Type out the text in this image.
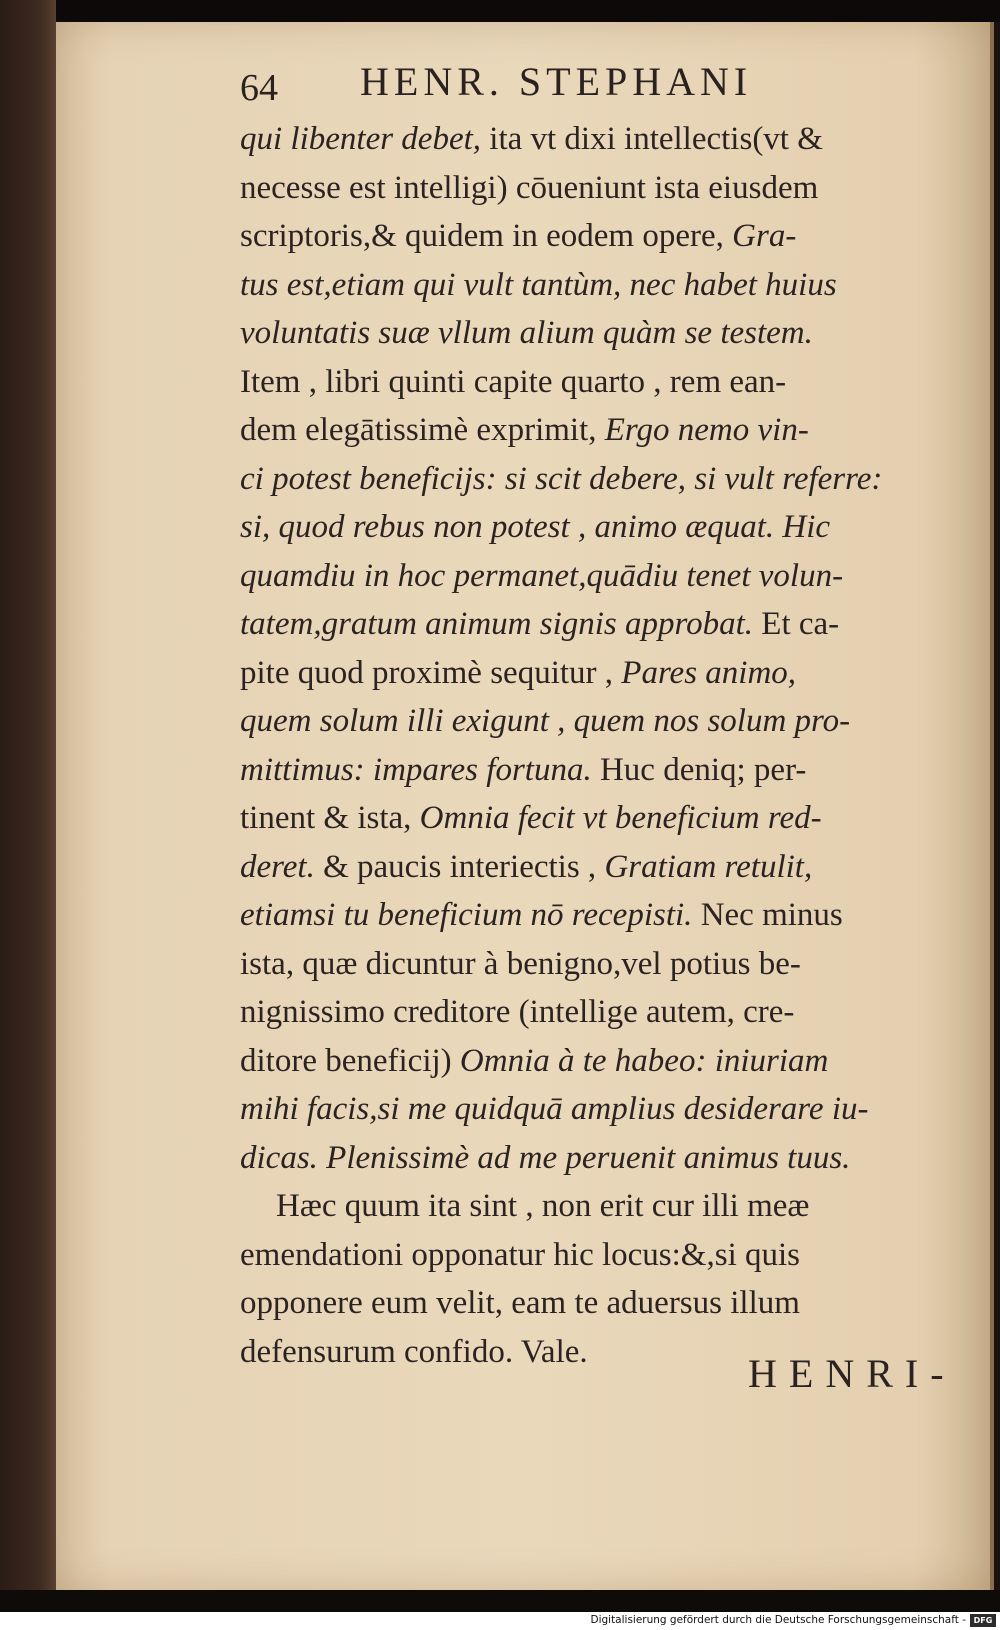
64 HENR. STEPHANI
qui libenter debet, ita vt dixi intellectis(vt &
necesse est intelligi) cōueniunt ista eiusdem
scriptoris,& quidem in eodem opere, Gra-
tus est,etiam qui vult tantùm, nec habet huius
voluntatis suæ vllum alium quàm se testem.
Item , libri quinti capite quarto , rem ean-
dem elegātissimè exprimit, Ergo nemo vin-
ci potest beneficijs: si scit debere, si vult referre:
si, quod rebus non potest , animo æquat. Hic
quamdiu in hoc permanet,quādiu tenet volun-
tatem,gratum animum signis approbat. Et ca-
pite quod proximè sequitur , Pares animo,
quem solum illi exigunt , quem nos solum pro-
mittimus: impares fortuna. Huc deniq; per-
tinent & ista, Omnia fecit vt beneficium red-
deret. & paucis interiectis , Gratiam retulit,
etiamsi tu beneficium nō recepisti. Nec minus
ista, quæ dicuntur à benigno,vel potius be-
nignissimo creditore (intellige autem, cre-
ditore beneficij) Omnia à te habeo: iniuriam
mihi facis,si me quidquā amplius desiderare iu-
dicas. Plenissimè ad me peruenit animus tuus.
Hæc quum ita sint , non erit cur illi meæ
emendationi opponatur hic locus:&,si quis
opponere eum velit, eam te aduersus illum
defensurum confido. Vale.	HENRI-
Digitalisierung gefördert durch die Deutsche Forschungsgemeinschaft - DFG
